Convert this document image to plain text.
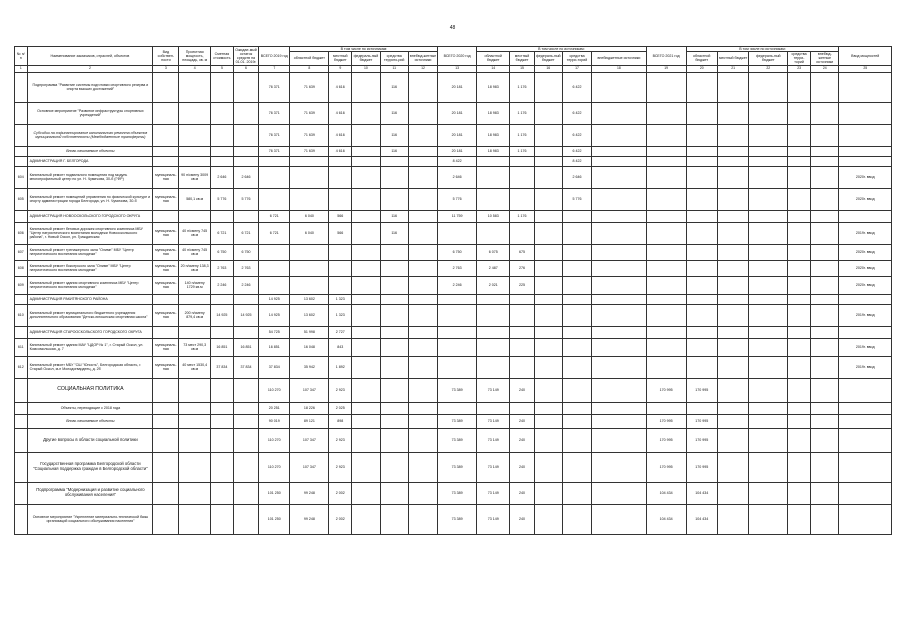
48
№ п/п	Наименование заказчиков, отраслей, объектов	Вид собствен-ности	Проектная мощность, площадь, кв. м	Сметная стоимость	Ожидае-мый остаток средств на 01.01. 2019г.	ВСЕГО 2019 год	В том числе по источникам:					ВСЕГО 2020 год	В том числе по источникам:					ВСЕГО 2021 год	В том числе по источникам:					Ввод мощностей
							областной бюджет	местный бюджет	федераль-ный бюджет	средства террито-рий	внебюд-жетные источники		областной бюджет	местный бюджет	федераль-ный бюджет	средства терри-торий	внебюджетные источники		областной бюджет	местный бюджет	федераль-ный бюджет	средства терри-торий	внебюд-жетные источники	
1	2	3	4	5	6	7	8	9	10	11	12	13	14	15	16	17	18	19	20	21	22	23	24	25
	Подпрограмма "Развитие системы подготовки спортивного резерва и спорта высших достижений"					76 371	71 639	4 616		116		20 181	18 983	1 176		6 422								
	Основное мероприятие "Развитие инфраструктуры спортивных учреждений"					76 371	71 639	4 616		116		20 181	18 983	1 176		6 422								
	Субсидии на софинансирование капитального ремонта объектов муниципальной собственности (Межбюджетные трансферты)					76 371	71 639	4 616		116		20 181	18 983	1 176		6 422								
	Вновь начинаемые объекты					76 371	71 639	4 616		116		20 181	18 983	1 176		6 422								
	АДМИНИСТРАЦИЯ Г. БЕЛГОРОДА											8 422				8 422								
604	Капитальный ремонт подвального помещения под модуль многопрофильный центр по ул. Н. Чумичова, 30-б (ГФР)	муниципаль-ная	90 п/смену 3009 кв.м	2 646	2 646							2 646				2 646								2020г. ввод
605	Капитальный ремонт помещений управления по физической культуре и спорту администрации города Белгорода, ул. Н. Чумичова, 30-б	муниципаль-ная	580,1 кв.м	5 776	5 776							5 776				5 776								2020г. ввод
	АДМИНИСТРАЦИЯ НОВООСКОЛЬСКОГО ГОРОДСКОГО ОКРУГА					6 721	6 040	566		116		11 759	10 583	1 176										
606	Капитальный ремонт беговых дорожек спортивного комплекса МБУ "Центр патриотического воспитания молодежи Новооскольского района", г. Новый Оскол, ул. Гражданская	муниципаль-ная	40 п/смену 745 кв.м	6 721	6 721	6 721	6 040	566		116														2019г. ввод
607	Капитальный ремонт тренажерного зала "Олимп" МБУ "Центр патриотического воспитания молодежи"	муниципаль-ная	40 п/смену 745 кв.м	6 750	6 750							6 750	6 075	675										2020г. ввод
608	Капитальный ремонт боксерского зала "Олимп" МБУ "Центр патриотического воспитания молодежи"	муниципаль-ная	20 п/смену 138,3 кв.м	2 763	2 763							2 763	2 487	276										2020г. ввод
609	Капитальный ремонт здания спортивного комплекса МБУ "Центр патриотического воспитания молодежи"	муниципаль-ная	140 п/смену 1729 кв.м	2 246	2 246							2 246	2 021	225										2020г. ввод
	АДМИНИСТРАЦИЯ РАКИТЯНСКОГО РАЙОНА					14 925	13 602	1 323																
610	Капитальный ремонт муниципального бюджетного учреждения дополнительного образования "Детско-юношеская спортивная школа"	муниципаль-ная	200 п/смену 879,4 кв.м	14 925	14 925	14 925	13 602	1 323																2019г. ввод
	АДМИНИСТРАЦИЯ СТАРООСКОЛЬСКОГО ГОРОДСКОГО ОКРУГА					54 725	51 998	2 727																
611	Капитальный ремонт здания МАУ "ЦДОР № 1", г. Старый Оскол, ул. Комсомольская, д. 7	муниципаль-ная	73 мест 290,3 кв.м	16 851	16 851	16 851	16 048	843																2019г. ввод
612	Капитальный ремонт МБУ "СШ "Юность", Белгородская область, г. Старый Оскол, м-н Молодогвардеец, д. 2б	муниципаль-ная	40 мест 1530,4 кв.м	37 834	37 834	37 834	35 942	1 892																2019г. ввод
	СОЦИАЛЬНАЯ ПОЛИТИКА					110 270	107 347	2 923				73 389	73 149	240				170 995	170 995					
	Объекты, переходящие с 2018 года					20 251	18 226	2 025																
	Вновь начинаемые объекты					90 019	89 121	898				73 389	73 149	240				170 995	170 995					
	Другие вопросы в области социальной политики					110 270	107 347	2 923				73 389	73 149	240				170 995	170 995					
	Государственная программа Белгородской области "Социальная поддержка граждан в Белгородской области"					110 270	107 347	2 923				73 389	73 149	240				170 995	170 995					
	Подпрограмма "Модернизация и развитие социального обслуживания населения"					101 250	99 248	2 002				73 389	73 149	240				104 434	104 434					
	Основное мероприятие "Укрепление материально-технической базы организаций социального обслуживания населения"					101 250	99 248	2 002				73 389	73 149	240				104 434	104 434					
